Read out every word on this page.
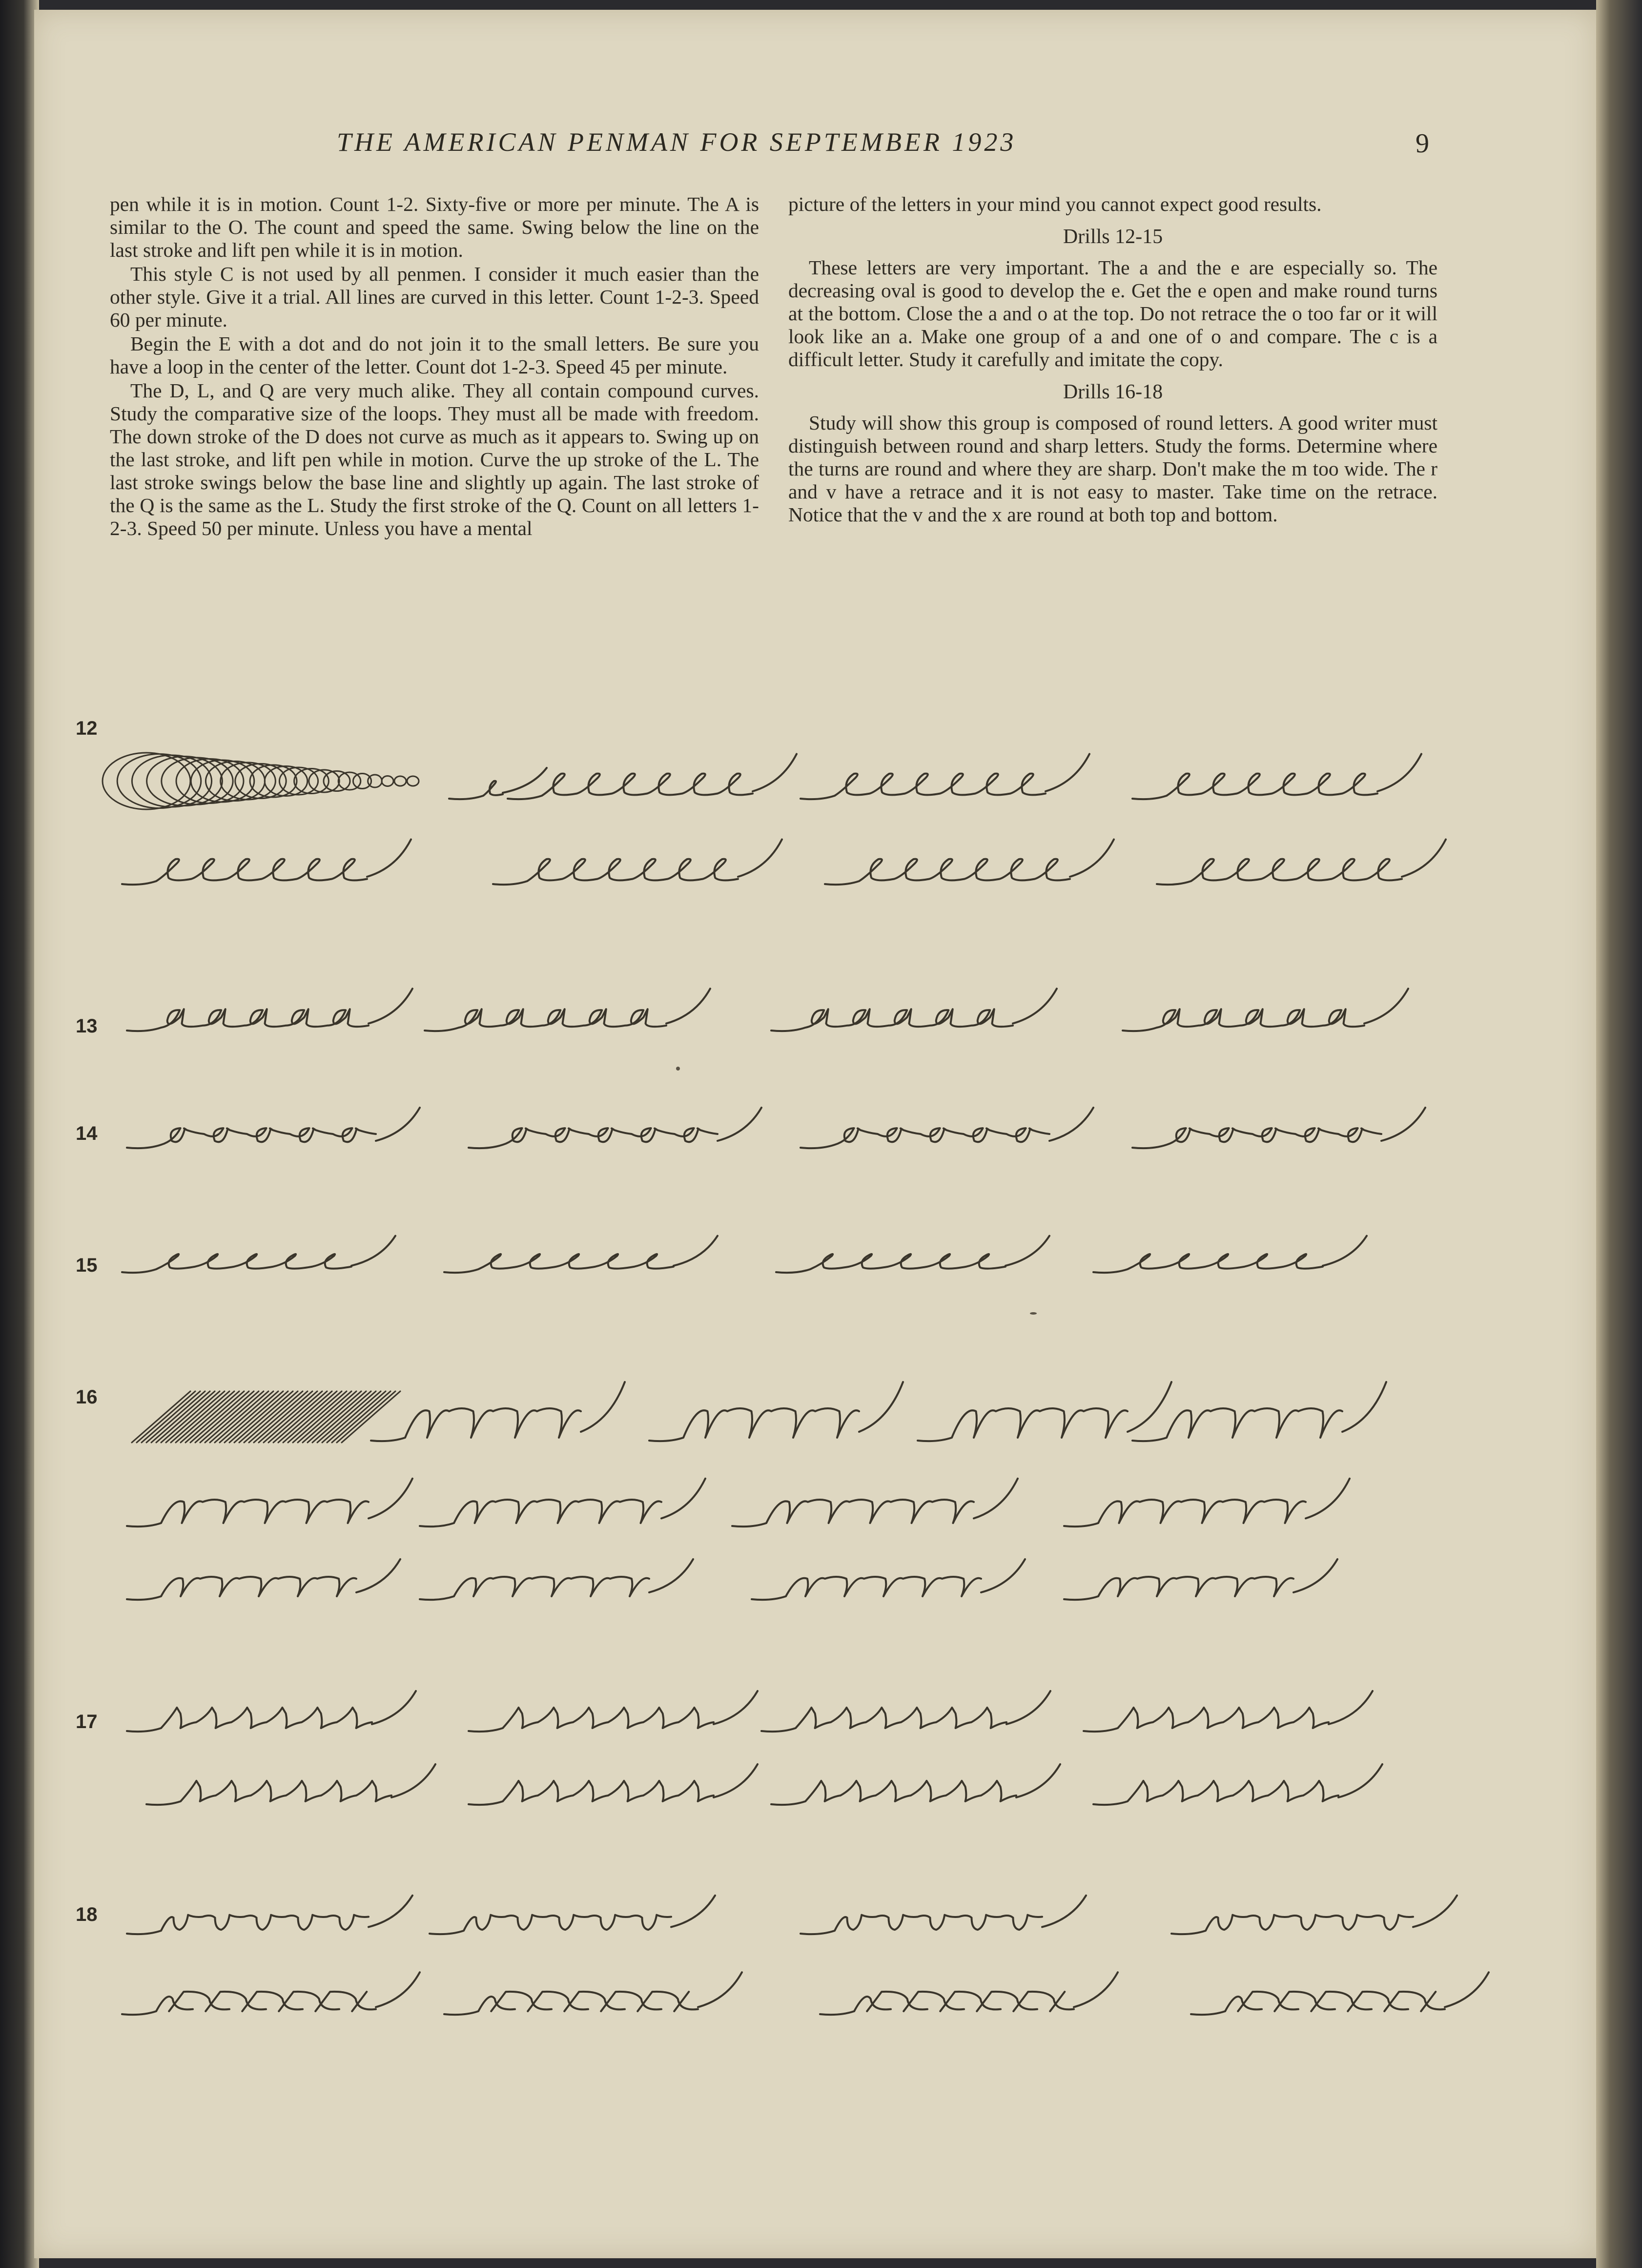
THE AMERICAN PENMAN FOR SEPTEMBER 1923	9

pen while it is in motion. Count 1-2. Sixty-five or more per minute. The A is similar to the O. The count and speed the same. Swing below the line on the last stroke and lift pen while it is in motion.

This style C is not used by all penmen. I consider it much easier than the other style. Give it a trial. All lines are curved in this letter. Count 1-2-3. Speed 60 per minute.

Begin the E with a dot and do not join it to the small letters. Be sure you have a loop in the center of the letter. Count dot 1-2-3. Speed 45 per minute.

The D, L, and Q are very much alike. They all contain compound curves. Study the comparative size of the loops. They must all be made with freedom. The down stroke of the D does not curve as much as it appears to. Swing up on the last stroke, and lift pen while in motion. Curve the up stroke of the L. The last stroke swings below the base line and slightly up again. The last stroke of the Q is the same as the L. Study the first stroke of the Q. Count on all letters 1-2-3. Speed 50 per minute. Unless you have a mental

picture of the letters in your mind you cannot expect good results.

Drills 12-15

These letters are very important. The a and the e are especially so. The decreasing oval is good to develop the e. Get the e open and make round turns at the bottom. Close the a and o at the top. Do not retrace the o too far or it will look like an a. Make one group of a and one of o and compare. The c is a difficult letter. Study it carefully and imitate the copy.

Drills 16-18

Study will show this group is composed of round letters. A good writer must distinguish between round and sharp letters. Study the forms. Determine where the turns are round and where they are sharp. Don't make the m too wide. The r and v have a retrace and it is not easy to master. Take time on the retrace. Notice that the v and the x are round at both top and bottom.

12
13
14
15
16
17
18
